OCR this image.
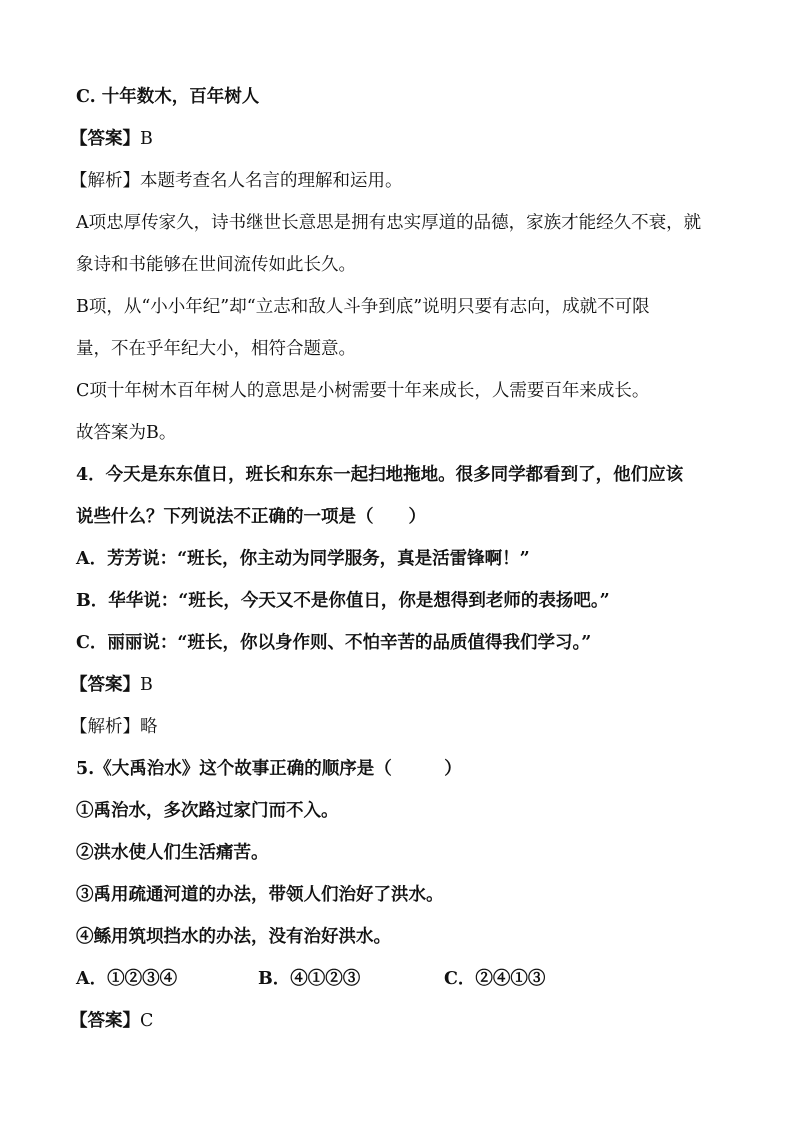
C. 十年数木，百年树人
【答案】B
【解析】本题考查名人名言的理解和运用。
A项忠厚传家久，诗书继世长意思是拥有忠实厚道的品德，家族才能经久不衰，就
象诗和书能够在世间流传如此长久。
B项，从“小小年纪”却“立志和敌人斗争到底”说明只要有志向，成就不可限
量，不在乎年纪大小，相符合题意。
C项十年树木百年树人的意思是小树需要十年来成长，人需要百年来成长。
故答案为B。
4．今天是东东值日，班长和东东一起扫地拖地。很多同学都看到了，他们应该
说些什么？下列说法不正确的一项是（　　）
A．芳芳说：“班长，你主动为同学服务，真是活雷锋啊！”
B．华华说：“班长，今天又不是你值日，你是想得到老师的表扬吧。”
C．丽丽说：“班长，你以身作则、不怕辛苦的品质值得我们学习。”
【答案】B
【解析】略
5.《大禹治水》这个故事正确的顺序是（　　　）
①禹治水，多次路过家门而不入。
②洪水使人们生活痛苦。
③禹用疏通河道的办法，带领人们治好了洪水。
④鲧用筑坝挡水的办法，没有治好洪水。
A．①②③④	B．④①②③	C．②④①③
【答案】C
